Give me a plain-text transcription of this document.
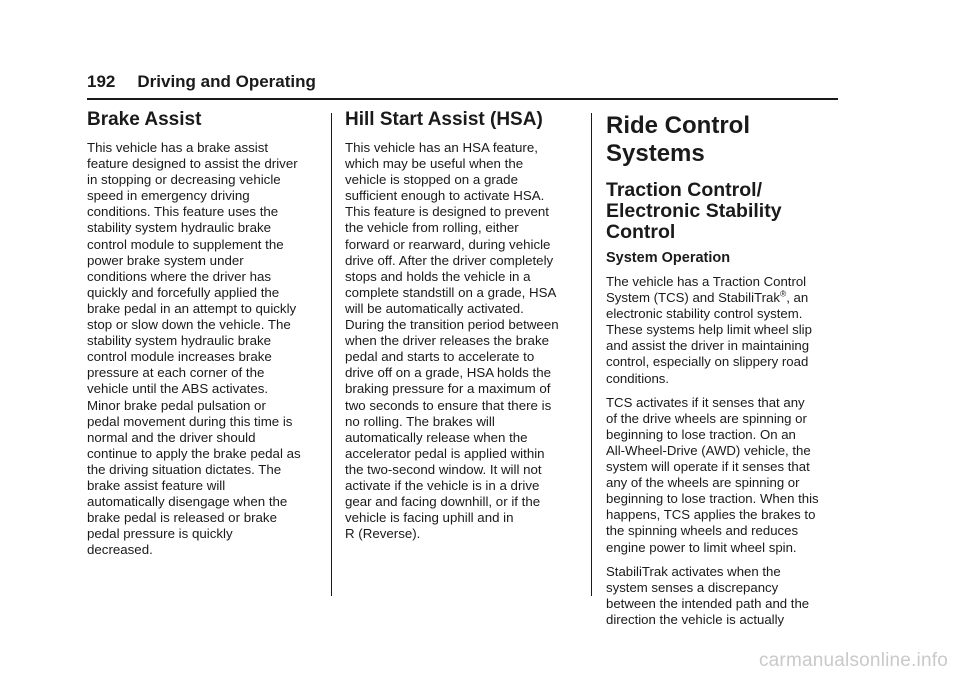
192 Driving and Operating
Brake Assist

This vehicle has a brake assist
feature designed to assist the driver
in stopping or decreasing vehicle
speed in emergency driving
conditions. This feature uses the
stability system hydraulic brake
control module to supplement the
power brake system under
conditions where the driver has
quickly and forcefully applied the
brake pedal in an attempt to quickly
stop or slow down the vehicle. The
stability system hydraulic brake
control module increases brake
pressure at each corner of the
vehicle until the ABS activates.
Minor brake pedal pulsation or
pedal movement during this time is
normal and the driver should
continue to apply the brake pedal as
the driving situation dictates. The
brake assist feature will
automatically disengage when the
brake pedal is released or brake
pedal pressure is quickly
decreased.

Hill Start Assist (HSA)

This vehicle has an HSA feature,
which may be useful when the
vehicle is stopped on a grade
sufficient enough to activate HSA.
This feature is designed to prevent
the vehicle from rolling, either
forward or rearward, during vehicle
drive off. After the driver completely
stops and holds the vehicle in a
complete standstill on a grade, HSA
will be automatically activated.
During the transition period between
when the driver releases the brake
pedal and starts to accelerate to
drive off on a grade, HSA holds the
braking pressure for a maximum of
two seconds to ensure that there is
no rolling. The brakes will
automatically release when the
accelerator pedal is applied within
the two-second window. It will not
activate if the vehicle is in a drive
gear and facing downhill, or if the
vehicle is facing uphill and in
R (Reverse).

Ride Control Systems
Traction Control/
Electronic Stability
Control
System Operation

The vehicle has a Traction Control
System (TCS) and StabiliTrak®, an
electronic stability control system.
These systems help limit wheel slip
and assist the driver in maintaining
control, especially on slippery road
conditions.

TCS activates if it senses that any
of the drive wheels are spinning or
beginning to lose traction. On an
All-Wheel-Drive (AWD) vehicle, the
system will operate if it senses that
any of the wheels are spinning or
beginning to lose traction. When this
happens, TCS applies the brakes to
the spinning wheels and reduces
engine power to limit wheel spin.

StabiliTrak activates when the
system senses a discrepancy
between the intended path and the
direction the vehicle is actually

carmanualsonline.info
